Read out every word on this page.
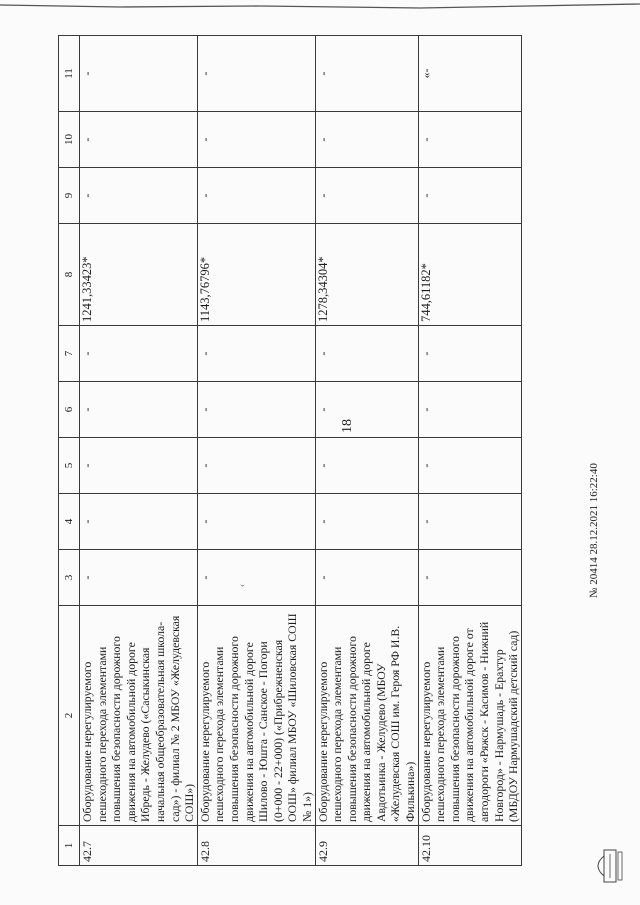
18
‹
1	2	3	4	5	6	7	8	9	10	11
42.7	Оборудование нерегулируемого пешеходного перехода элементами повышения безопасности дорожного движения на автомобильной дороге Ибредь - Желудево («Сасыкинская начальная общеобразовательная школа-сад») - филиал № 2 МБОУ «Желудевская СОШ»)	-	-	-	-	-	1241,33423*	-	-	-
42.8	Оборудование нерегулируемого пешеходного перехода элементами повышения безопасности дорожного движения на автомобильной дороге Шилово - Юшта - Санское - Погори (0+000 - 22+000) («Прибрежненская ООШ» филиал МБОУ «Шиловская СОШ № 1»)	-	-	-	-	-	1143,76796*	-	-	-
42.9	Оборудование нерегулируемого пешеходного перехода элементами повышения безопасности дорожного движения на автомобильной дороге Авдотьинка - Желудево (МБОУ «Желудевская СОШ им. Героя РФ И.В. Филькина»)	-	-	-	-	-	1278,34304*	-	-	-
42.10	Оборудование нерегулируемого пешеходного перехода элементами повышения безопасности дорожного движения на автомобильной дороге от автодороги «Ряжск - Касимов - Нижний Новгород» - Нармушадь - Ерахтур (МБДОУ Нармушадский детский сад)	-	-	-	-	-	744,61182*	-	-	«-
№ 20414 28.12.2021 16:22:40
